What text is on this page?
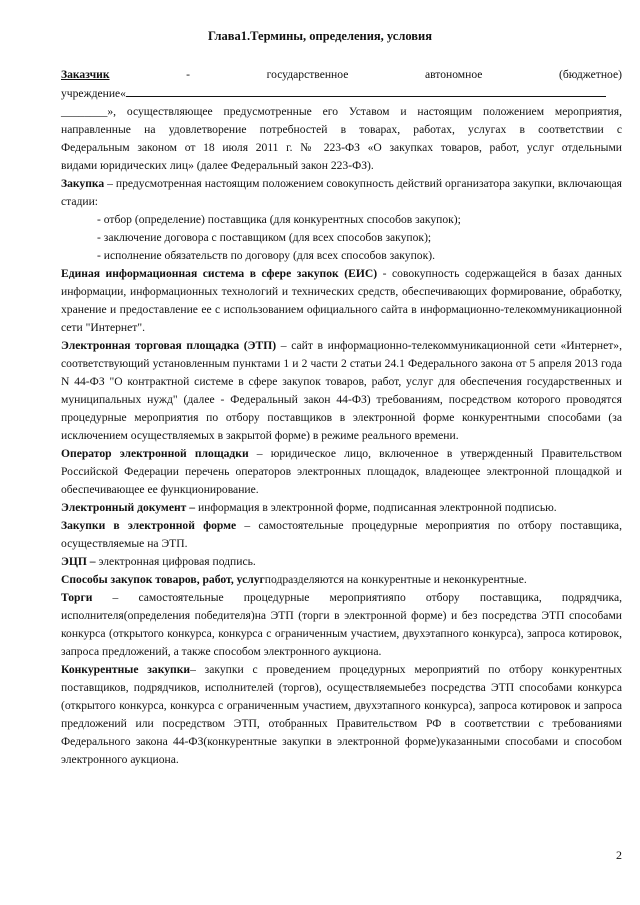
Глава1.Термины, определения, условия
Заказчик	-	государственное	автономное	(бюджетное)
учреждение«

________», осуществляющее предусмотренные его Уставом и настоящим положением мероприятия,

направленные на удовлетворение потребностей в товарах, работах, услугах в соответствии с

Федеральным законом от 18 июля 2011 г. № 223-ФЗ «О закупках товаров, работ, услуг отдельными

видами юридических лиц» (далее Федеральный закон 223-ФЗ).

Закупка – предусмотренная настоящим положением совокупность действий организатора закупки, включающая стадии:

- отбор (определение) поставщика (для конкурентных способов закупок);
- заключение договора с поставщиком (для всех способов закупок);
- исполнение обязательств по договору (для всех способов закупок).

Единая информационная система в сфере закупок (ЕИС) - совокупность содержащейся в базах данных информации, информационных технологий и технических средств, обеспечивающих формирование, обработку, хранение и предоставление ее с использованием официального сайта в информационно-телекоммуникационной сети "Интернет".

Электронная торговая площадка (ЭТП) – сайт в информационно-телекоммуникационной сети «Интернет», соответствующий установленным пунктами 1 и 2 части 2 статьи 24.1 Федерального закона от 5 апреля 2013 года N 44-ФЗ "О контрактной системе в сфере закупок товаров, работ, услуг для обеспечения государственных и муниципальных нужд" (далее - Федеральный закон 44-ФЗ) требованиям, посредством которого проводятся процедурные мероприятия по отбору поставщиков в электронной форме конкурентными способами (за исключением осуществляемых в закрытой форме) в режиме реального времени.

Оператор электронной площадки – юридическое лицо, включенное в утвержденный Правительством Российской Федерации перечень операторов электронных площадок, владеющее электронной площадкой и обеспечивающее ее функционирование.

Электронный документ – информация в электронной форме, подписанная электронной подписью.

Закупки в электронной форме – самостоятельные процедурные мероприятия по отбору поставщика, осуществляемые на ЭТП.

ЭЦП – электронная цифровая подпись.

Способы закупок товаров, работ, услугподразделяются на конкурентные и неконкурентные.

Торги – самостоятельные процедурные мероприятияпо отбору поставщика, подрядчика, исполнителя(определения победителя)на ЭТП (торги в электронной форме) и без посредства ЭТП способами конкурса (открытого конкурса, конкурса с ограниченным участием, двухэтапного конкурса), запроса котировок, запроса предложений, а также способом электронного аукциона.

Конкурентные закупки– закупки с проведением процедурных мероприятий по отбору конкурентных поставщиков, подрядчиков, исполнителей (торгов), осуществляемыебез посредства ЭТП способами конкурса (открытого конкурса, конкурса с ограниченным участием, двухэтапного конкурса), запроса котировок и запроса предложений или посредством ЭТП, отобранных Правительством РФ в соответствии с требованиями Федерального закона 44-ФЗ(конкурентные закупки в электронной форме)указанными способами и способом электронного аукциона.

2
